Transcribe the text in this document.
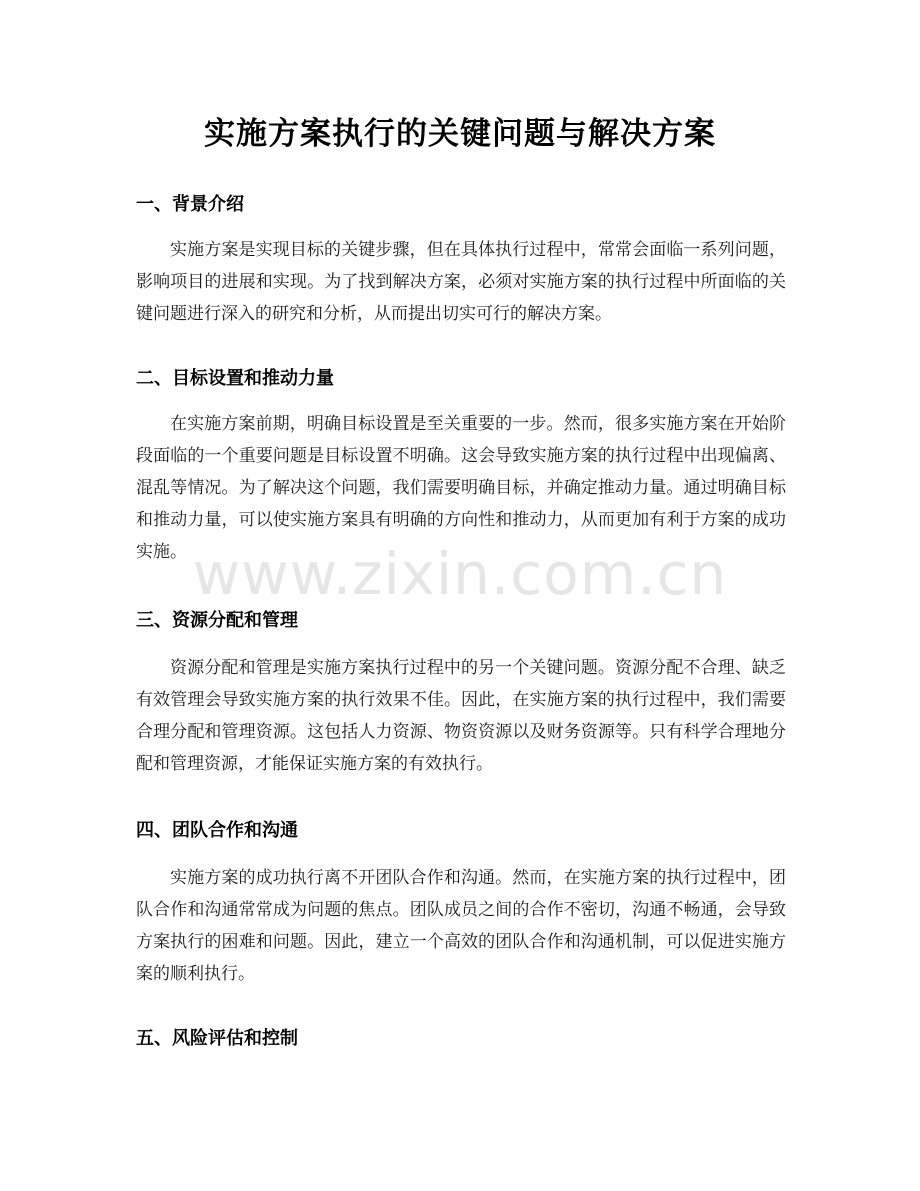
www.zixin.com.cn
实施方案执行的关键问题与解决方案
一、背景介绍

实施方案是实现目标的关键步骤，但在具体执行过程中，常常会面临一系列问题，影响项目的进展和实现。为了找到解决方案，必须对实施方案的执行过程中所面临的关键问题进行深入的研究和分析，从而提出切实可行的解决方案。

二、目标设置和推动力量

在实施方案前期，明确目标设置是至关重要的一步。然而，很多实施方案在开始阶段面临的一个重要问题是目标设置不明确。这会导致实施方案的执行过程中出现偏离、混乱等情况。为了解决这个问题，我们需要明确目标，并确定推动力量。通过明确目标和推动力量，可以使实施方案具有明确的方向性和推动力，从而更加有利于方案的成功实施。

三、资源分配和管理

资源分配和管理是实施方案执行过程中的另一个关键问题。资源分配不合理、缺乏有效管理会导致实施方案的执行效果不佳。因此，在实施方案的执行过程中，我们需要合理分配和管理资源。这包括人力资源、物资资源以及财务资源等。只有科学合理地分配和管理资源，才能保证实施方案的有效执行。

四、团队合作和沟通

实施方案的成功执行离不开团队合作和沟通。然而，在实施方案的执行过程中，团队合作和沟通常常成为问题的焦点。团队成员之间的合作不密切，沟通不畅通，会导致方案执行的困难和问题。因此，建立一个高效的团队合作和沟通机制，可以促进实施方案的顺利执行。

五、风险评估和控制
